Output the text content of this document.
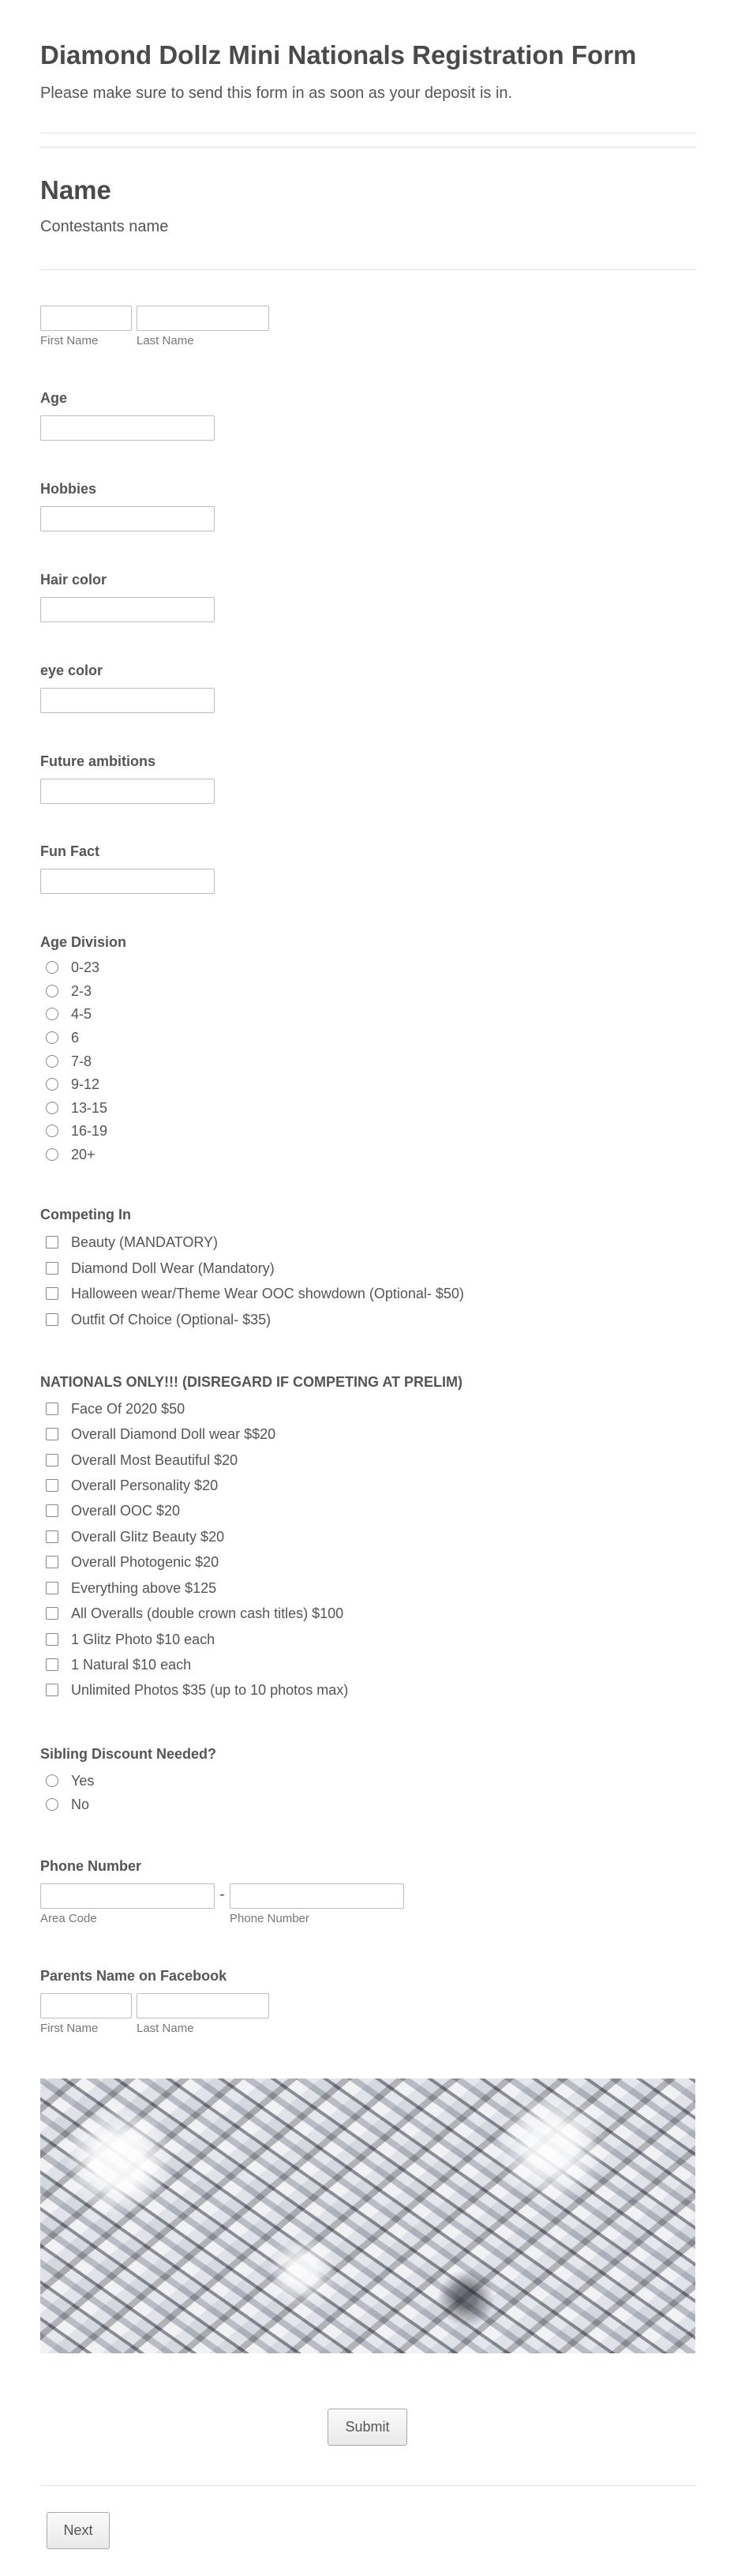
Diamond Dollz Mini Nationals Registration Form
Please make sure to send this form in as soon as your deposit is in.
Name
Contestants name
First Name	Last Name
Age
Hobbies
Hair color
eye color
Future ambitions
Fun Fact
Age Division
0-23
2-3
4-5
6
7-8
9-12
13-15
16-19
20+
Competing In
Beauty (MANDATORY)
Diamond Doll Wear (Mandatory)
Halloween wear/Theme Wear OOC showdown (Optional- $50)
Outfit Of Choice (Optional- $35)
NATIONALS ONLY!!! (DISREGARD IF COMPETING AT PRELIM)
Face Of 2020 $50
Overall Diamond Doll wear $$20
Overall Most Beautiful $20
Overall Personality $20
Overall OOC $20
Overall Glitz Beauty $20
Overall Photogenic $20
Everything above $125
All Overalls (double crown cash titles) $100
1 Glitz Photo $10 each
1 Natural $10 each
Unlimited Photos $35 (up to 10 photos max)
Sibling Discount Needed?
Yes
No
Phone Number
-
Area Code	Phone Number
Parents Name on Facebook
First Name	Last Name
Submit
Next
